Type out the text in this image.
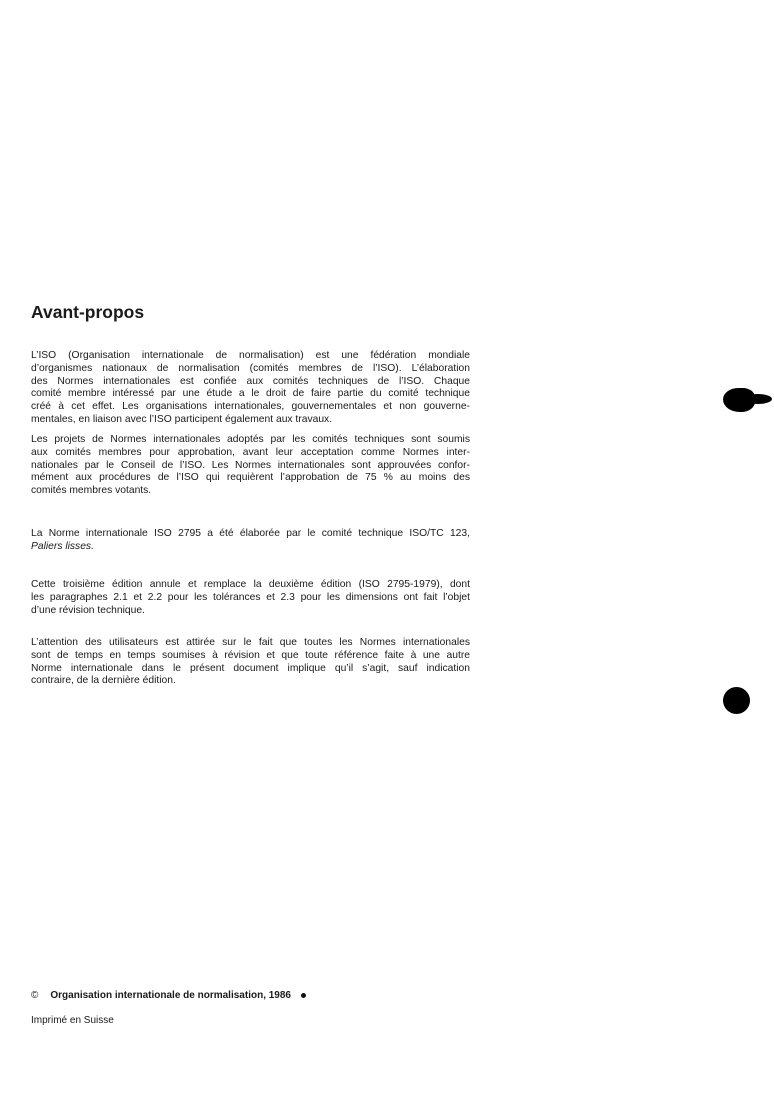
Avant-propos
L’ISO (Organisation internationale de normalisation) est une fédération mondiale
d’organismes nationaux de normalisation (comités membres de l’ISO). L’élaboration
des Normes internationales est confiée aux comités techniques de l’ISO. Chaque
comité membre intéressé par une étude a le droit de faire partie du comité technique
créé à cet effet. Les organisations internationales, gouvernementales et non gouverne-
mentales, en liaison avec l’ISO participent également aux travaux.
Les projets de Normes internationales adoptés par les comités techniques sont soumis
aux comités membres pour approbation, avant leur acceptation comme Normes inter-
nationales par le Conseil de l’ISO. Les Normes internationales sont approuvées confor-
mément aux procédures de l’ISO qui requièrent l’approbation de 75 % au moins des
comités membres votants.
La Norme internationale ISO 2795 a été élaborée par le comité technique ISO/TC 123,
Paliers lisses.
Cette troisième édition annule et remplace la deuxième édition (ISO 2795-1979), dont
les paragraphes 2.1 et 2.2 pour les tolérances et 2.3 pour les dimensions ont fait l’objet
d’une révision technique.
L’attention des utilisateurs est attirée sur le fait que toutes les Normes internationales
sont de temps en temps soumises à révision et que toute référence faite à une autre
Norme internationale dans le présent document implique qu’il s’agit, sauf indication
contraire, de la dernière édition.
© Organisation internationale de normalisation, 1986
Imprimé en Suisse
